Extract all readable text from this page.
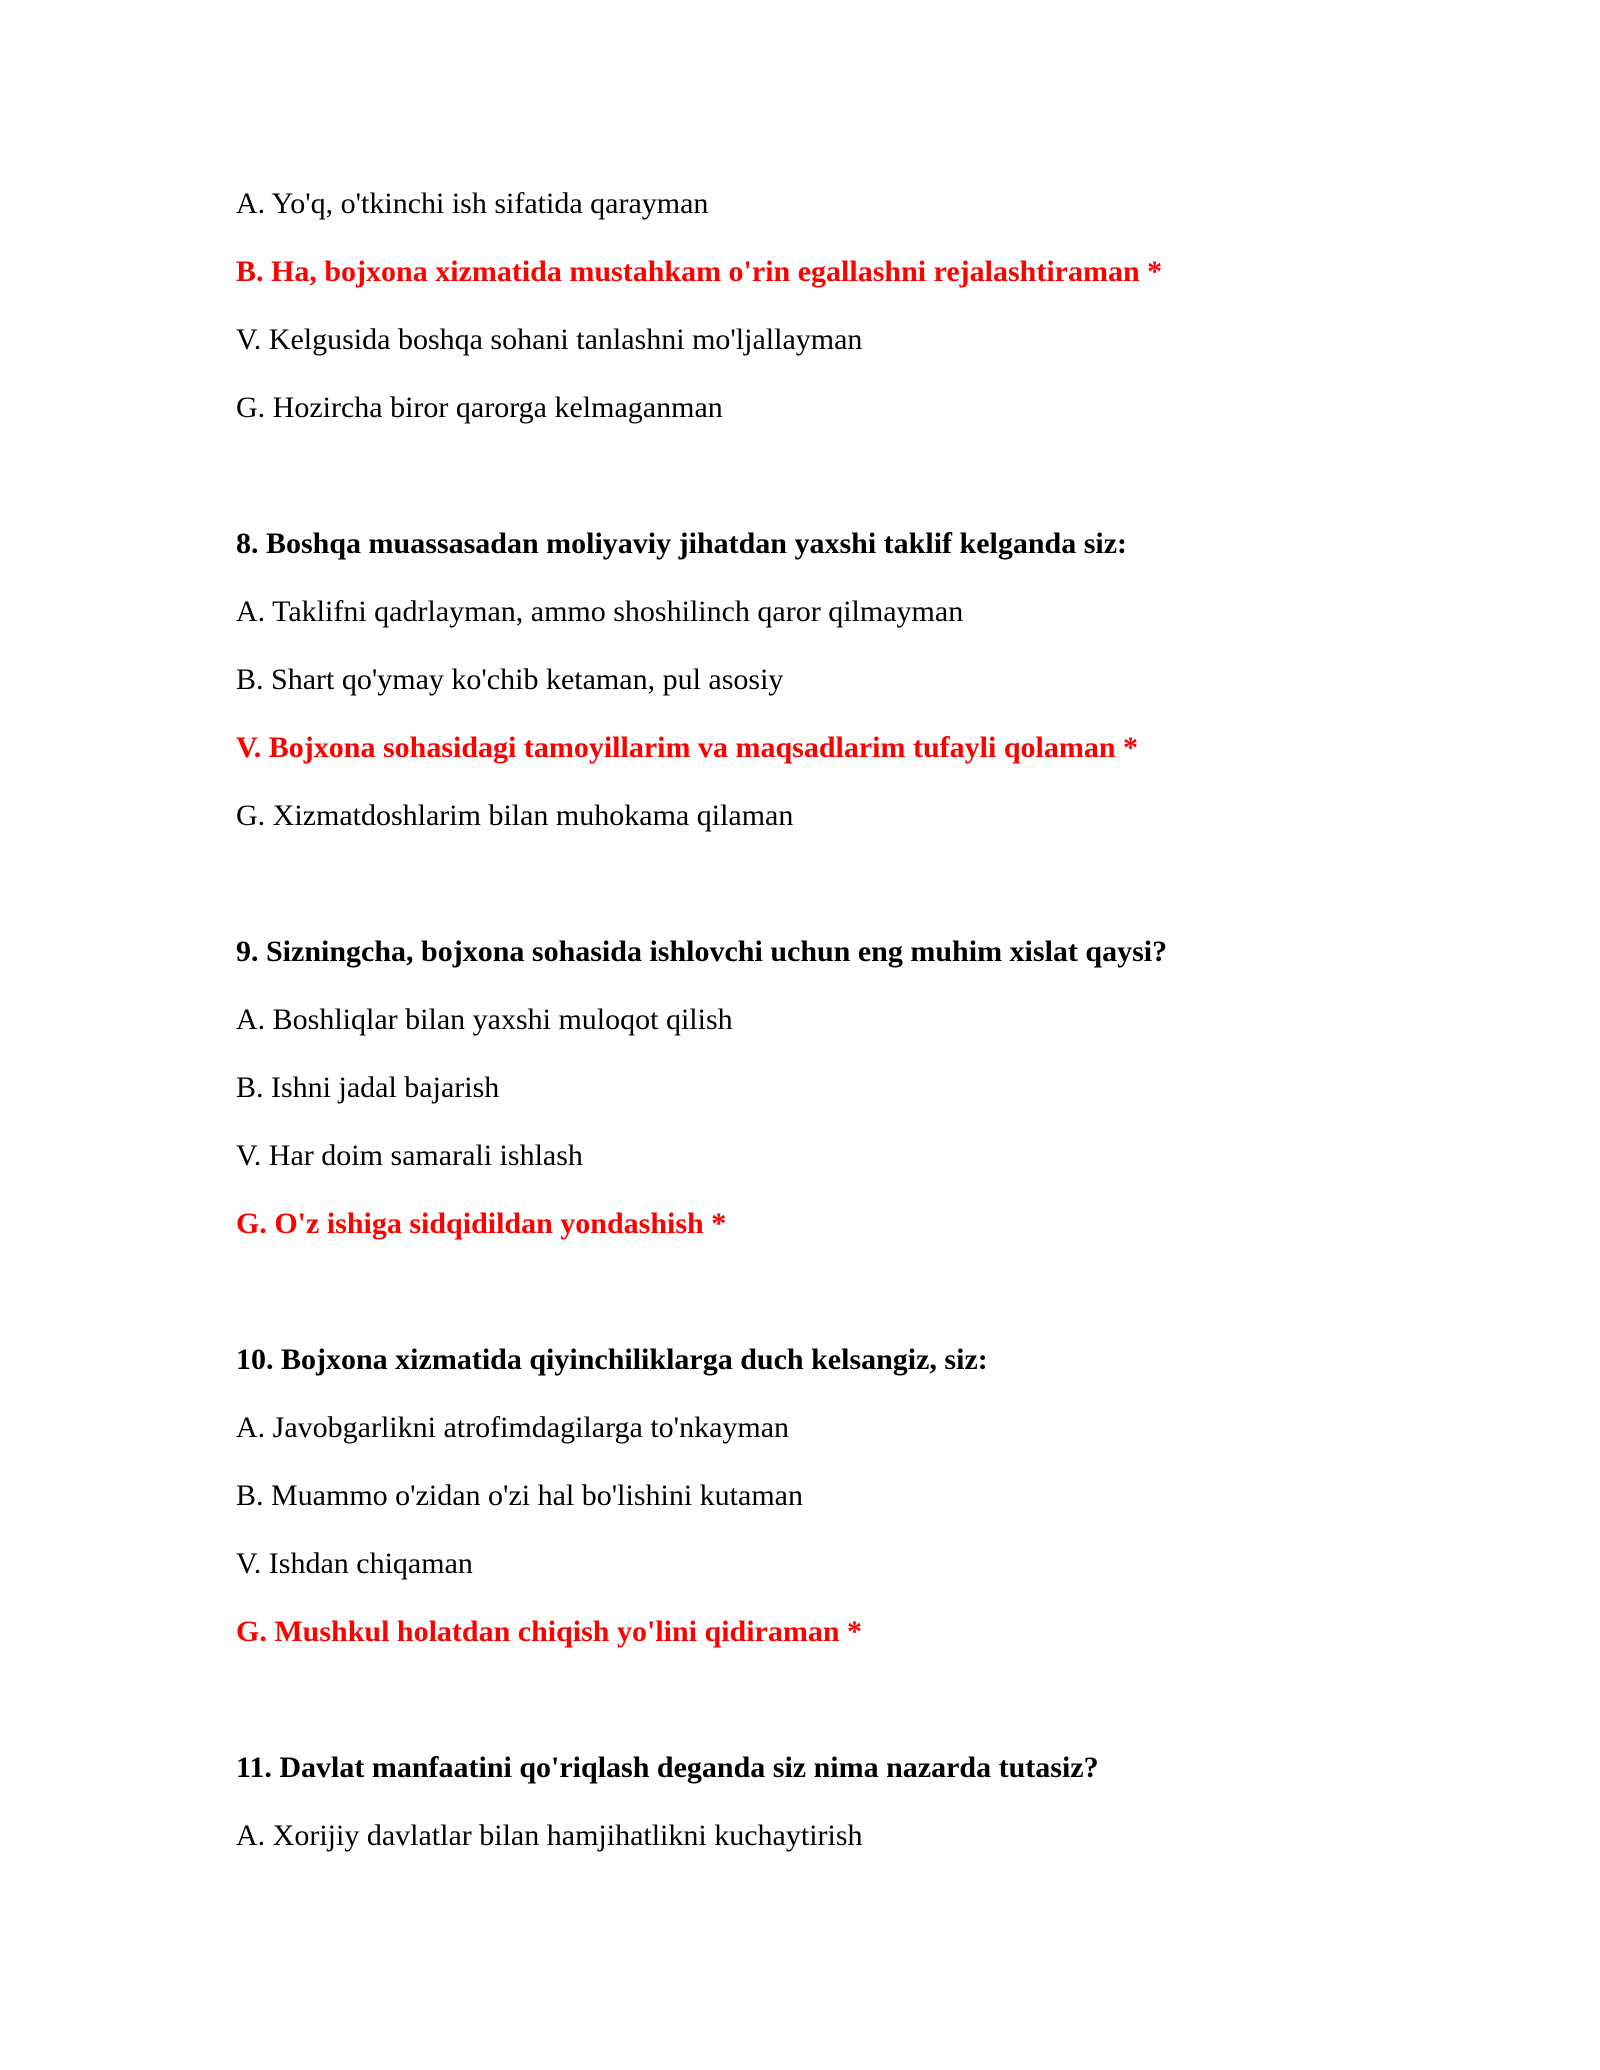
A. Yo'q, o'tkinchi ish sifatida qarayman
B. Ha, bojxona xizmatida mustahkam o'rin egallashni rejalashtiraman *
V. Kelgusida boshqa sohani tanlashni mo'ljallayman
G. Hozircha biror qarorga kelmaganman
8. Boshqa muassasadan moliyaviy jihatdan yaxshi taklif kelganda siz:
A. Taklifni qadrlayman, ammo shoshilinch qaror qilmayman
B. Shart qo'ymay ko'chib ketaman, pul asosiy
V. Bojxona sohasidagi tamoyillarim va maqsadlarim tufayli qolaman *
G. Xizmatdoshlarim bilan muhokama qilaman
9. Sizningcha, bojxona sohasida ishlovchi uchun eng muhim xislat qaysi?
A. Boshliqlar bilan yaxshi muloqot qilish
B. Ishni jadal bajarish
V. Har doim samarali ishlash
G. O'z ishiga sidqidildan yondashish *
10. Bojxona xizmatida qiyinchiliklarga duch kelsangiz, siz:
A. Javobgarlikni atrofimdagilarga to'nkayman
B. Muammo o'zidan o'zi hal bo'lishini kutaman
V. Ishdan chiqaman
G. Mushkul holatdan chiqish yo'lini qidiraman *
11. Davlat manfaatini qo'riqlash deganda siz nima nazarda tutasiz?
A. Xorijiy davlatlar bilan hamjihatlikni kuchaytirish
